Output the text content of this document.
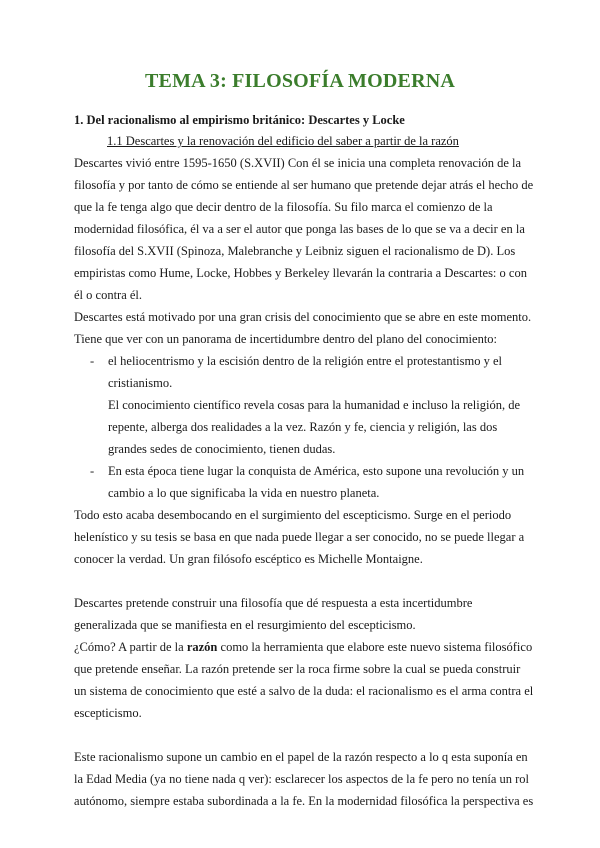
TEMA 3: FILOSOFÍA MODERNA
1. Del racionalismo al empirismo británico: Descartes y Locke
1.1 Descartes y la renovación del edificio del saber a partir de la razón

Descartes vivió entre 1595-1650 (S.XVII) Con él se inicia una completa renovación de la filosofía y por tanto de cómo se entiende al ser humano que pretende dejar atrás el hecho de que la fe tenga algo que decir dentro de la filosofía. Su filo marca el comienzo de la modernidad filosófica, él va a ser el autor que ponga las bases de lo que se va a decir en la filosofía del S.XVII (Spinoza, Malebranche y Leibniz siguen el racionalismo de D). Los empiristas como Hume, Locke, Hobbes y Berkeley llevarán la contraria a Descartes: o con él o contra él.

Descartes está motivado por una gran crisis del conocimiento que se abre en este momento. Tiene que ver con un panorama de incertidumbre dentro del plano del conocimiento:

- el heliocentrismo y la escisión dentro de la religión entre el protestantismo y el cristianismo.

El conocimiento científico revela cosas para la humanidad e incluso la religión, de repente, alberga dos realidades a la vez. Razón y fe, ciencia y religión, las dos grandes sedes de conocimiento, tienen dudas.

- En esta época tiene lugar la conquista de América, esto supone una revolución y un cambio a lo que significaba la vida en nuestro planeta.

Todo esto acaba desembocando en el surgimiento del escepticismo. Surge en el periodo helenístico y su tesis se basa en que nada puede llegar a ser conocido, no se puede llegar a conocer la verdad. Un gran filósofo escéptico es Michelle Montaigne.

Descartes pretende construir una filosofía que dé respuesta a esta incertidumbre generalizada que se manifiesta en el resurgimiento del escepticismo.

¿Cómo? A partir de la razón como la herramienta que elabore este nuevo sistema filosófico que pretende enseñar. La razón pretende ser la roca firme sobre la cual se pueda construir un sistema de conocimiento que esté a salvo de la duda: el racionalismo es el arma contra el escepticismo.

Este racionalismo supone un cambio en el papel de la razón respecto a lo q esta suponía en la Edad Media (ya no tiene nada q ver): esclarecer los aspectos de la fe pero no tenía un rol autónomo, siempre estaba subordinada a la fe. En la modernidad filosófica la perspectiva es
